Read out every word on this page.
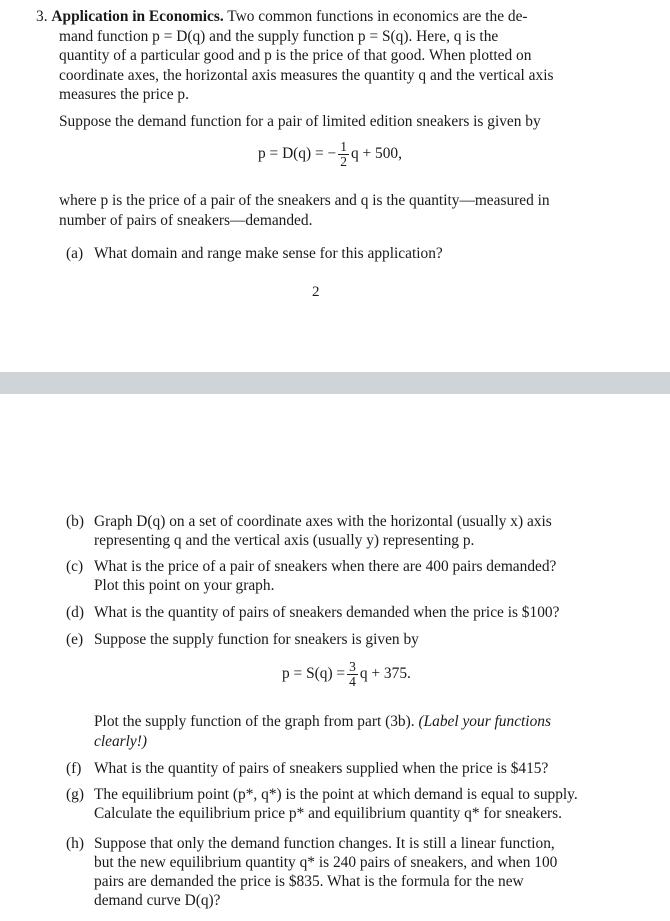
3. Application in Economics. Two common functions in economics are the de-
mand function p = D(q) and the supply function p = S(q). Here, q is the
quantity of a particular good and p is the price of that good. When plotted on
coordinate axes, the horizontal axis measures the quantity q and the vertical axis
measures the price p.
Suppose the demand function for a pair of limited edition sneakers is given by
p = D(q) = − $\frac{1}{2}$ q + 500,
where p is the price of a pair of the sneakers and q is the quantity—measured in
number of pairs of sneakers—demanded.
(a) What domain and range make sense for this application?
2
(b) Graph D(q) on a set of coordinate axes with the horizontal (usually x) axis
representing q and the vertical axis (usually y) representing p.
(c) What is the price of a pair of sneakers when there are 400 pairs demanded?
Plot this point on your graph.
(d) What is the quantity of pairs of sneakers demanded when the price is $100?
(e) Suppose the supply function for sneakers is given by
$p = S(q) = \frac{3}{4}$ q + 375.
Plot the supply function of the graph from part (3b). (Label your functions
clearly!)
(f) What is the quantity of pairs of sneakers supplied when the price is $415?
(g) The equilibrium point (p*, q*) is the point at which demand is equal to supply.
Calculate the equilibrium price p* and equilibrium quantity q* for sneakers.
(h) Suppose that only the demand function changes. It is still a linear function,
but the new equilibrium quantity q* is 240 pairs of sneakers, and when 100
pairs are demanded the price is $835. What is the formula for the new
demand curve D(q)?
